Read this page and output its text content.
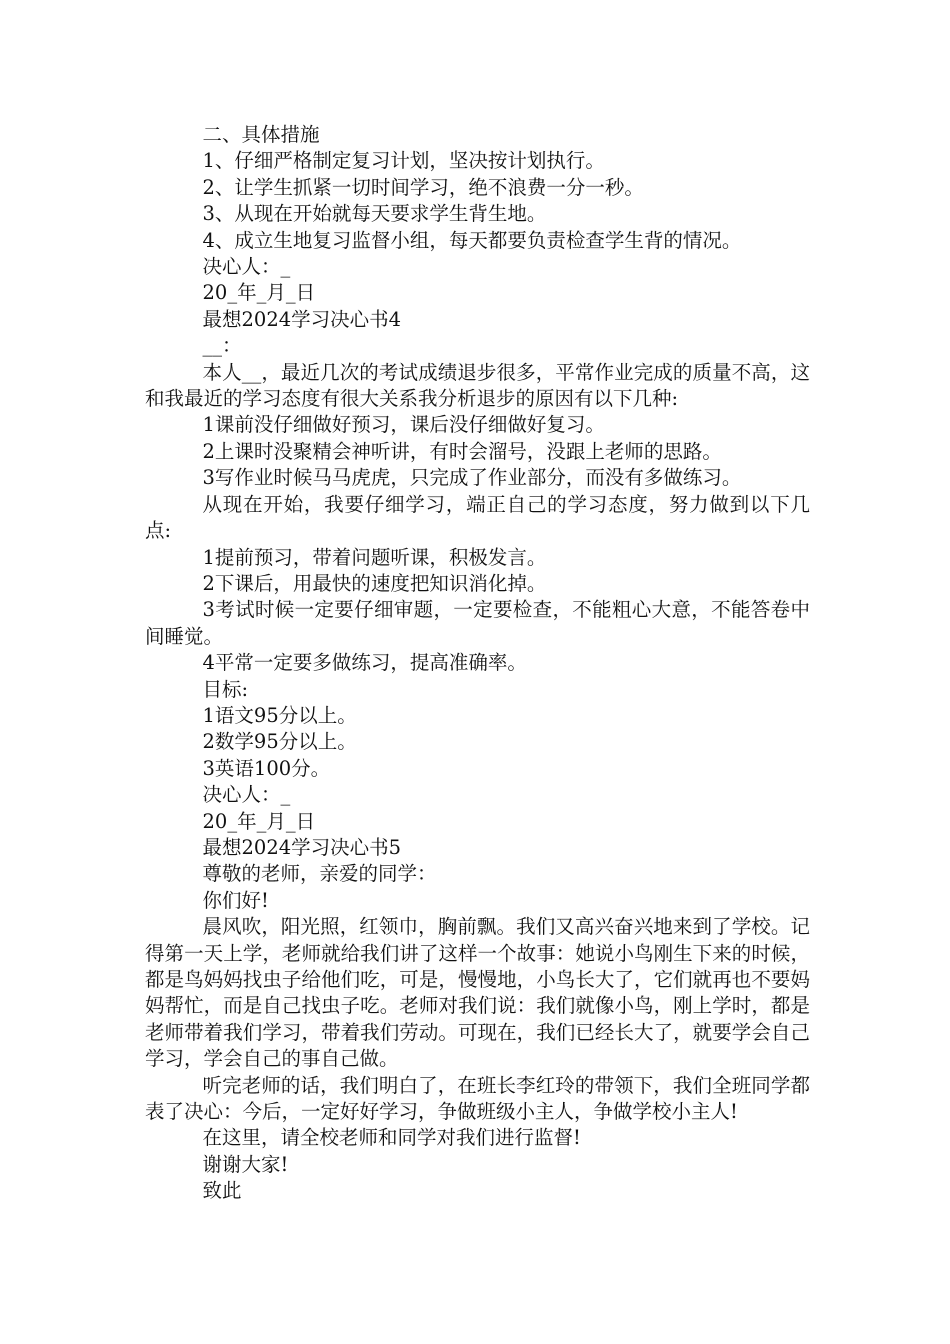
二、具体措施

1、仔细严格制定复习计划，坚决按计划执行。

2、让学生抓紧一切时间学习，绝不浪费一分一秒。

3、从现在开始就每天要求学生背生地。

4、成立生地复习监督小组，每天都要负责检查学生背的情况。

决心人：_

20_年_月_日

最想2024学习决心书4

__：

本人__，最近几次的考试成绩退步很多，平常作业完成的质量不高，这和我最近的学习态度有很大关系我分析退步的原因有以下几种:

1课前没仔细做好预习，课后没仔细做好复习。

2上课时没聚精会神听讲，有时会溜号，没跟上老师的思路。

3写作业时候马马虎虎，只完成了作业部分，而没有多做练习。

从现在开始，我要仔细学习，端正自己的学习态度，努力做到以下几点:

1提前预习，带着问题听课，积极发言。

2下课后，用最快的速度把知识消化掉。

3考试时候一定要仔细审题，一定要检查，不能粗心大意，不能答卷中间睡觉。

4平常一定要多做练习，提高准确率。

目标:

1语文95分以上。

2数学95分以上。

3英语100分。

决心人：_

20_年_月_日

最想2024学习决心书5

尊敬的老师，亲爱的同学：

你们好!

晨风吹，阳光照，红领巾，胸前飘。我们又高兴奋兴地来到了学校。记得第一天上学，老师就给我们讲了这样一个故事：她说小鸟刚生下来的时候，都是鸟妈妈找虫子给他们吃，可是，慢慢地，小鸟长大了，它们就再也不要妈妈帮忙，而是自己找虫子吃。老师对我们说：我们就像小鸟，刚上学时，都是老师带着我们学习，带着我们劳动。可现在，我们已经长大了，就要学会自己学习，学会自己的事自己做。

听完老师的话，我们明白了，在班长李红玲的带领下，我们全班同学都表了决心：今后，一定好好学习，争做班级小主人，争做学校小主人!

在这里，请全校老师和同学对我们进行监督!

谢谢大家!

致此
